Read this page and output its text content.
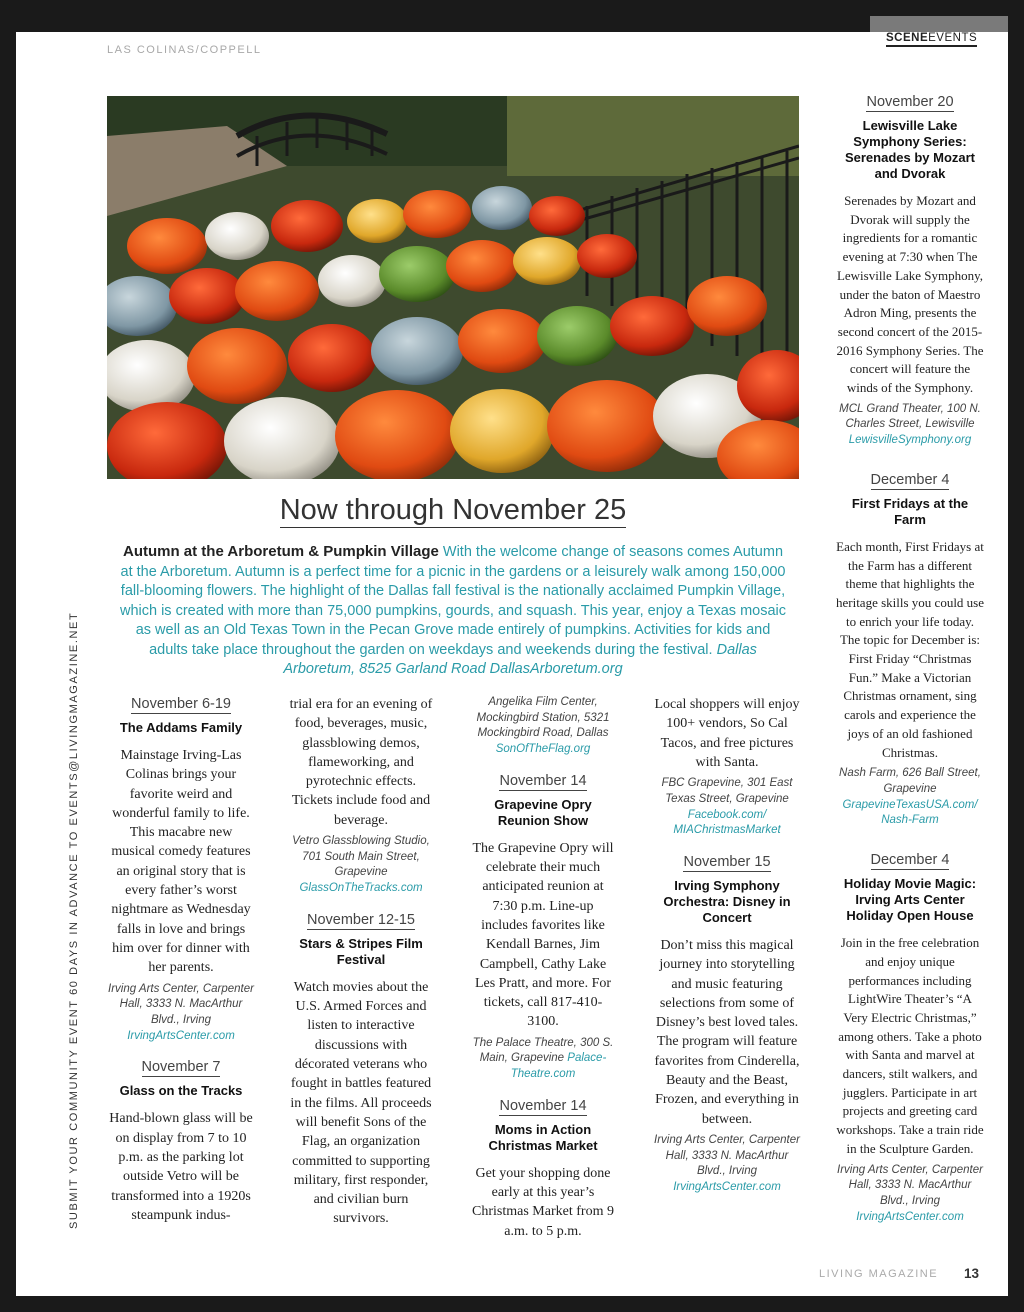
LAS COLINAS/COPPELL
SCENEEVENTS
SUBMIT YOUR COMMUNITY EVENT 60 DAYS IN ADVANCE TO EVENTS@LIVINGMAGAZINE.NET
Now through November 25
Autumn at the Arboretum & Pumpkin Village With the welcome change of seasons comes Autumn at the Arboretum. Autumn is a perfect time for a picnic in the gardens or a leisurely walk among 150,000 fall-blooming flowers. The highlight of the Dallas fall festival is the nationally acclaimed Pumpkin Village, which is created with more than 75,000 pumpkins, gourds, and squash. This year, enjoy a Texas mosaic as well as an Old Texas Town in the Pecan Grove made entirely of pumpkins. Activities for kids and adults take place throughout the garden on weekdays and weekends during the festival. Dallas Arboretum, 8525 Garland Road DallasArboretum.org
November 6-19
The Addams Family
Mainstage Irving-Las Colinas brings your favorite weird and wonderful family to life. This macabre new musical comedy features an original story that is every father’s worst nightmare as Wednesday falls in love and brings him over for dinner with her parents.
Irving Arts Center, Carpenter Hall, 3333 N. MacArthur Blvd., Irving
IrvingArtsCenter.com
November 7
Glass on the Tracks
Hand-blown glass will be on display from 7 to 10 p.m. as the parking lot outside Vetro will be transformed into a 1920s steampunk indus-
trial era for an evening of food, beverages, music, glassblowing demos, flameworking, and pyrotechnic effects. Tickets include food and beverage.
Vetro Glassblowing Studio, 701 South Main Street, Grapevine
GlassOnTheTracks.com
November 12-15
Stars & Stripes Film Festival
Watch movies about the U.S. Armed Forces and listen to interactive discussions with décorated veterans who fought in battles featured in the films. All proceeds will benefit Sons of the Flag, an organization committed to supporting military, first responder, and civilian burn survivors.
Angelika Film Center, Mockingbird Station, 5321 Mockingbird Road, Dallas
SonOfTheFlag.org
November 14
Grapevine Opry Reunion Show
The Grapevine Opry will celebrate their much anticipated reunion at 7:30 p.m. Line-up includes favorites like Kendall Barnes, Jim Campbell, Cathy Lake Les Pratt, and more. For tickets, call 817-410-3100.
The Palace Theatre, 300 S. Main, Grapevine Palace-Theatre.com
November 14
Moms in Action Christmas Market
Get your shopping done early at this year’s Christmas Market from 9 a.m. to 5 p.m.
Local shoppers will enjoy 100+ vendors, So Cal Tacos, and free pictures with Santa.
FBC Grapevine, 301 East Texas Street, Grapevine Facebook.com/ MIAChristmasMarket
November 15
Irving Symphony Orchestra: Disney in Concert
Don’t miss this magical journey into storytelling and music featuring selections from some of Disney’s best loved tales. The program will feature favorites from Cinderella, Beauty and the Beast, Frozen, and everything in between.
Irving Arts Center, Carpenter Hall, 3333 N. MacArthur Blvd., Irving
IrvingArtsCenter.com
November 20
Lewisville Lake Symphony Series: Serenades by Mozart and Dvorak
Serenades by Mozart and Dvorak will supply the ingredients for a romantic evening at 7:30 when The Lewisville Lake Symphony, under the baton of Maestro Adron Ming, presents the second concert of the 2015-2016 Symphony Series. The concert will feature the winds of the Symphony.
MCL Grand Theater, 100 N. Charles Street, Lewisville
LewisvilleSymphony.org
December 4
First Fridays at the Farm
Each month, First Fridays at the Farm has a different theme that highlights the heritage skills you could use to enrich your life today. The topic for December is: First Friday “Christmas Fun.” Make a Victorian Christmas ornament, sing carols and experience the joys of an old fashioned Christmas.
Nash Farm, 626 Ball Street, Grapevine
GrapevineTexasUSA.com/ Nash-Farm
December 4
Holiday Movie Magic: Irving Arts Center Holiday Open House
Join in the free celebration and enjoy unique performances including LightWire Theater’s “A Very Electric Christmas,” among others. Take a photo with Santa and marvel at dancers, stilt walkers, and jugglers. Participate in art projects and greeting card workshops. Take a train ride in the Sculpture Garden.
Irving Arts Center, Carpenter Hall, 3333 N. MacArthur Blvd., Irving
IrvingArtsCenter.com
LIVING MAGAZINE 13
